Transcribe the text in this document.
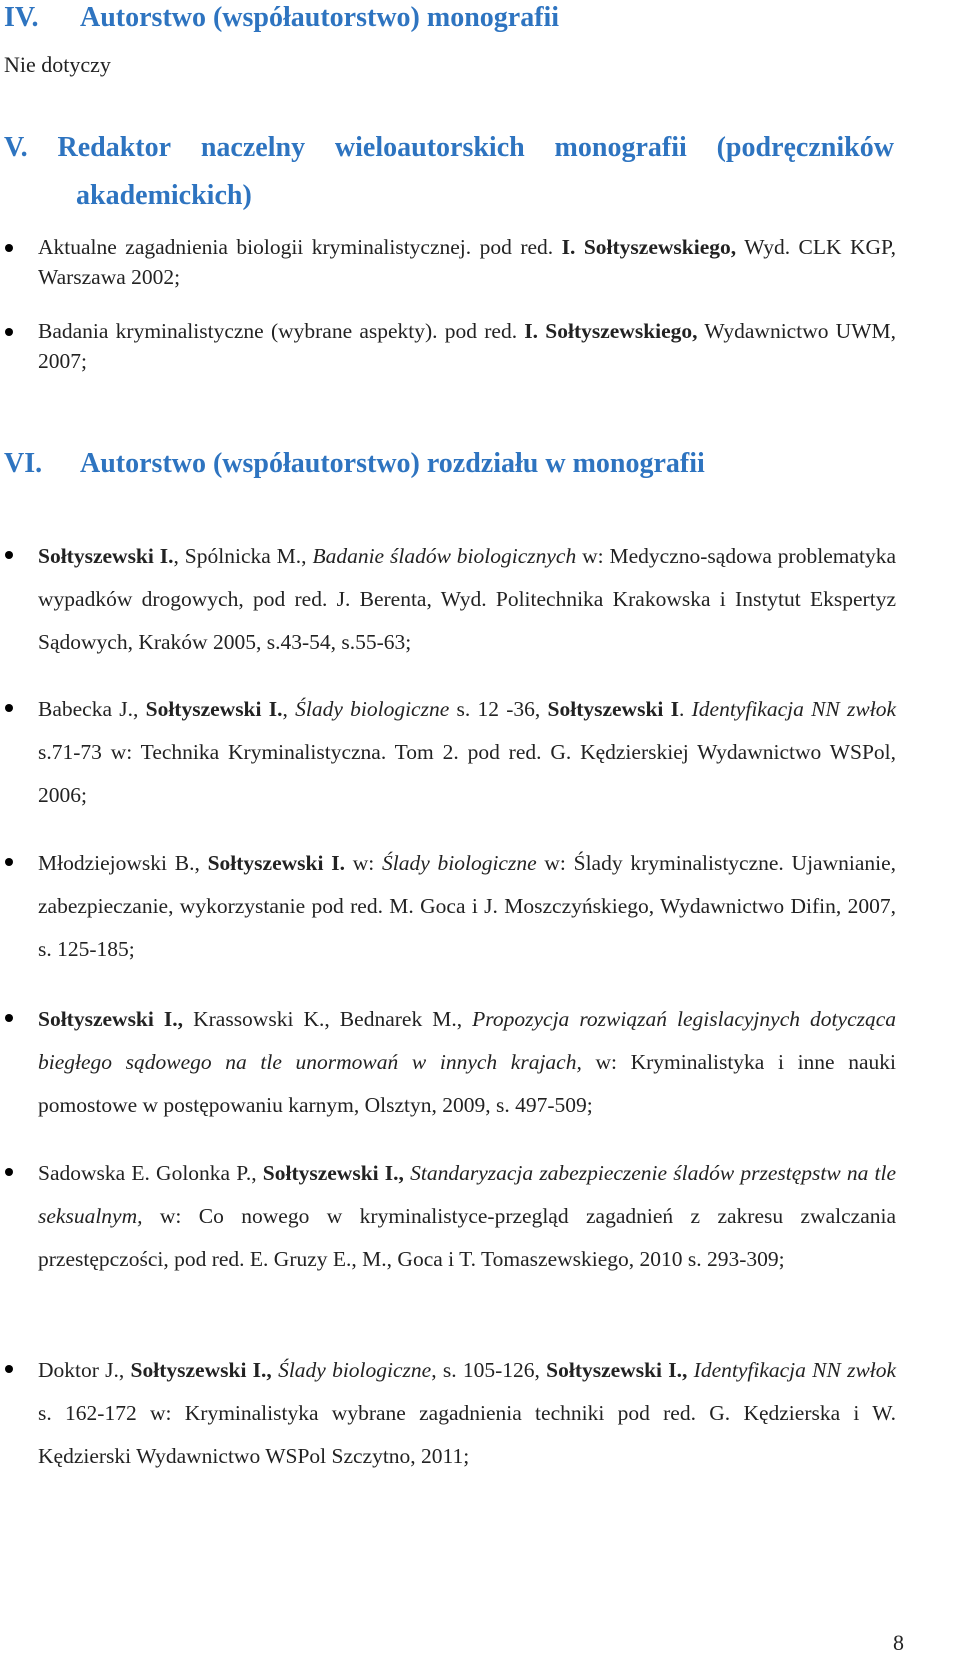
IV. Autorstwo (współautorstwo) monografii

Nie dotyczy

V. Redaktor naczelny wieloautorskich monografii (podręczników
akademickich)

Aktualne zagadnienia biologii kryminalistycznej. pod red. I. Sołtyszewskiego, Wyd. CLK KGP, Warszawa 2002;

Badania kryminalistyczne (wybrane aspekty). pod red. I. Sołtyszewskiego, Wydawnictwo UWM, 2007;

VI. Autorstwo (współautorstwo) rozdziału w monografii

Sołtyszewski I., Spólnicka M., Badanie śladów biologicznych w: Medyczno-sądowa problematyka wypadków drogowych, pod red. J. Berenta, Wyd. Politechnika Krakowska i Instytut Ekspertyz Sądowych, Kraków 2005, s.43-54, s.55-63;

Babecka J., Sołtyszewski I., Ślady biologiczne s. 12 -36, Sołtyszewski I. Identyfikacja NN zwłok s.71-73 w: Technika Kryminalistyczna. Tom 2. pod red. G. Kędzierskiej Wydawnictwo WSPol, 2006;

Młodziejowski B., Sołtyszewski I. w: Ślady biologiczne w: Ślady kryminalistyczne. Ujawnianie, zabezpieczanie, wykorzystanie pod red. M. Goca i J. Moszczyńskiego, Wydawnictwo Difin, 2007, s. 125-185;

Sołtyszewski I., Krassowski K., Bednarek M., Propozycja rozwiązań legislacyjnych dotycząca biegłego sądowego na tle unormowań w innych krajach, w: Kryminalistyka i inne nauki pomostowe w postępowaniu karnym, Olsztyn, 2009, s. 497-509;

Sadowska E. Golonka P., Sołtyszewski I., Standaryzacja zabezpieczenie śladów przestępstw na tle seksualnym, w: Co nowego w kryminalistyce-przegląd zagadnień z zakresu zwalczania przestępczości, pod red. E. Gruzy E., M., Goca i T. Tomaszewskiego, 2010 s. 293-309;

Doktor J., Sołtyszewski I., Ślady biologiczne, s. 105-126, Sołtyszewski I., Identyfikacja NN zwłok s. 162-172 w: Kryminalistyka wybrane zagadnienia techniki pod red. G. Kędzierska i W. Kędzierski Wydawnictwo WSPol Szczytno, 2011;

8
